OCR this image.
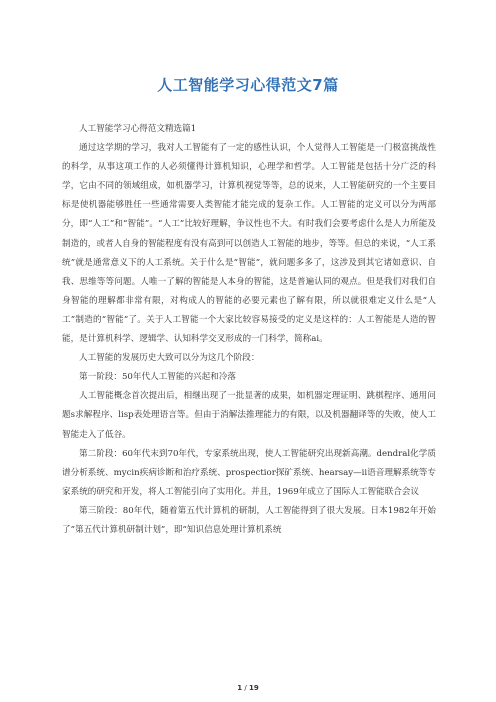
人工智能学习心得范文7篇

人工智能学习心得范文精选篇1

通过这学期的学习，我对人工智能有了一定的感性认识，个人觉得人工智能是一门极富挑战性的科学，从事这项工作的人必须懂得计算机知识，心理学和哲学。人工智能是包括十分广泛的科学，它由不同的领域组成，如机器学习，计算机视觉等等，总的说来，人工智能研究的一个主要目标是使机器能够胜任一些通常需要人类智能才能完成的复杂工作。人工智能的定义可以分为两部分，即“人工”和“智能”。“人工”比较好理解，争议性也不大。有时我们会要考虑什么是人力所能及制造的，或者人自身的智能程度有没有高到可以创造人工智能的地步，等等。但总的来说，“人工系统”就是通常意义下的人工系统。关于什么是“智能”，就问题多多了，这涉及到其它诸如意识、自我、思维等等问题。人唯一了解的智能是人本身的智能，这是普遍认同的观点。但是我们对我们自身智能的理解都非常有限，对构成人的智能的必要元素也了解有限，所以就很难定义什么是“人工”制造的“智能”了。关于人工智能一个大家比较容易接受的定义是这样的：人工智能是人造的智能，是计算机科学、逻辑学、认知科学交叉形成的一门科学，简称ai。

人工智能的发展历史大致可以分为这几个阶段：

第一阶段：50年代人工智能的兴起和冷落

人工智能概念首次提出后，相继出现了一批显著的成果，如机器定理证明、跳棋程序、通用问题s求解程序、lisp表处理语言等。但由于消解法推理能力的有限，以及机器翻译等的失败，使人工智能走入了低谷。

第二阶段：60年代末到70年代，专家系统出现，使人工智能研究出现新高潮。dendral化学质谱分析系统、mycin疾病诊断和治疗系统、prospectior探矿系统、hearsay—ii语音理解系统等专家系统的研究和开发，将人工智能引向了实用化。并且，1969年成立了国际人工智能联合会议

第三阶段：80年代，随着第五代计算机的研制，人工智能得到了很大发展。日本1982年开始了”第五代计算机研制计划”，即”知识信息处理计算机系统

1 / 19
